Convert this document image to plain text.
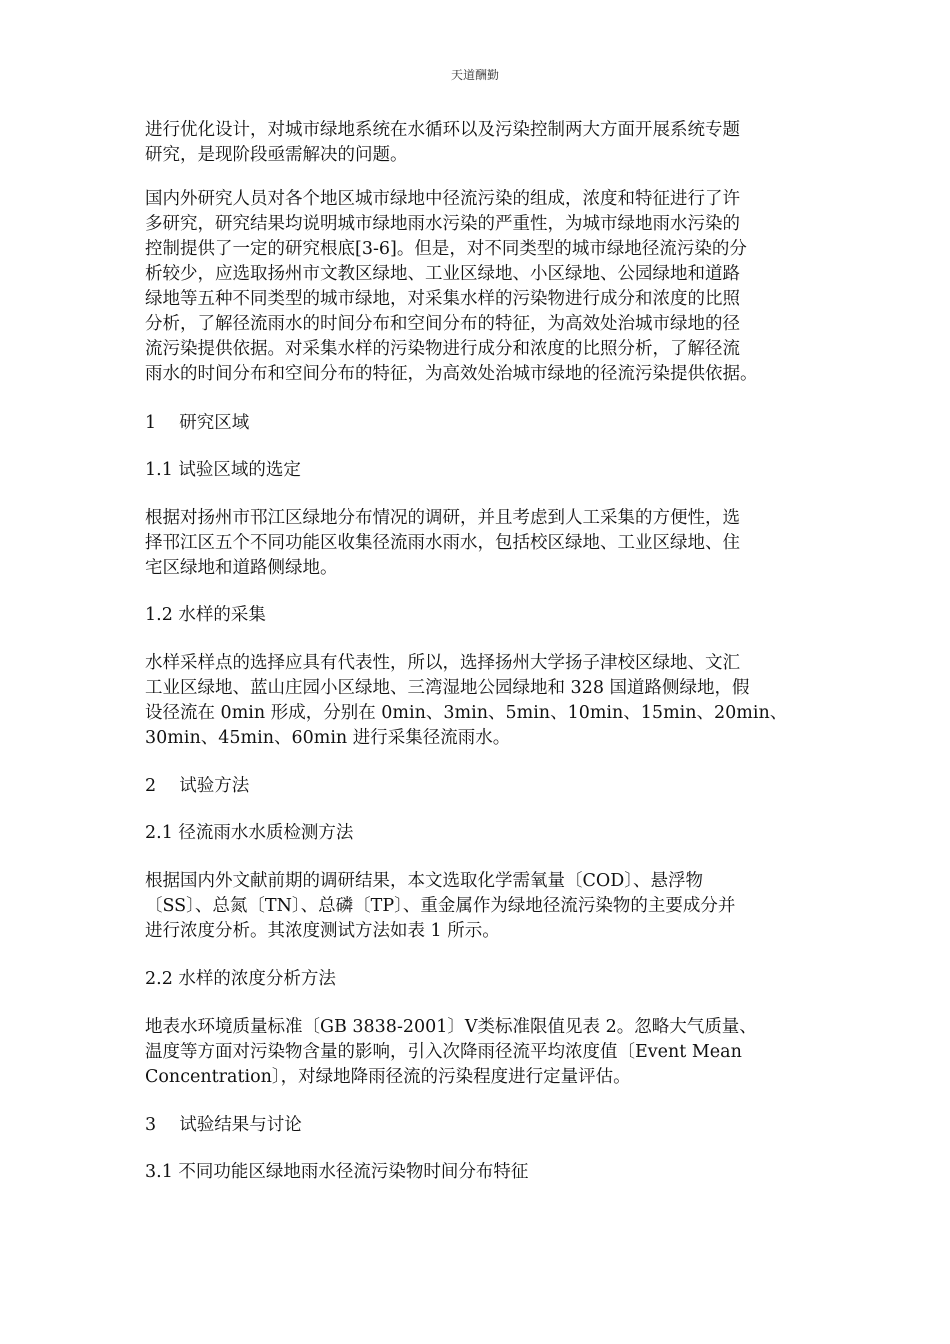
天道酬勤
进行优化设计，对城市绿地系统在水循环以及污染控制两大方面开展系统专题
研究，是现阶段亟需解决的问题。
国内外研究人员对各个地区城市绿地中径流污染的组成，浓度和特征进行了许
多研究，研究结果均说明城市绿地雨水污染的严重性，为城市绿地雨水污染的
控制提供了一定的研究根底[3-6]。但是，对不同类型的城市绿地径流污染的分
析较少，应选取扬州市文教区绿地、工业区绿地、小区绿地、公园绿地和道路
绿地等五种不同类型的城市绿地，对采集水样的污染物进行成分和浓度的比照
分析，了解径流雨水的时间分布和空间分布的特征，为高效处治城市绿地的径
流污染提供依据。对采集水样的污染物进行成分和浓度的比照分析，了解径流
雨水的时间分布和空间分布的特征，为高效处治城市绿地的径流污染提供依据。
1　 研究区域
1.1 试验区域的选定
根据对扬州市邗江区绿地分布情况的调研，并且考虑到人工采集的方便性，选
择邗江区五个不同功能区收集径流雨水雨水，包括校区绿地、工业区绿地、住
宅区绿地和道路侧绿地。
1.2 水样的采集
水样采样点的选择应具有代表性，所以，选择扬州大学扬子津校区绿地、文汇
工业区绿地、蓝山庄园小区绿地、三湾湿地公园绿地和 328 国道路侧绿地，假
设径流在 0min 形成，分别在 0min、3min、5min、10min、15min、20min、
30min、45min、60min 进行采集径流雨水。
2　 试验方法
2.1 径流雨水水质检测方法
根据国内外文献前期的调研结果，本文选取化学需氧量〔COD〕、悬浮物
〔SS〕、总氮〔TN〕、总磷〔TP〕、重金属作为绿地径流污染物的主要成分并
进行浓度分析。其浓度测试方法如表 1 所示。
2.2 水样的浓度分析方法
地表水环境质量标准〔GB 3838-2001〕Ⅴ类标准限值见表 2。忽略大气质量、
温度等方面对污染物含量的影响，引入次降雨径流平均浓度值〔Event Mean
Concentration〕，对绿地降雨径流的污染程度进行定量评估。
3　 试验结果与讨论
3.1 不同功能区绿地雨水径流污染物时间分布特征
